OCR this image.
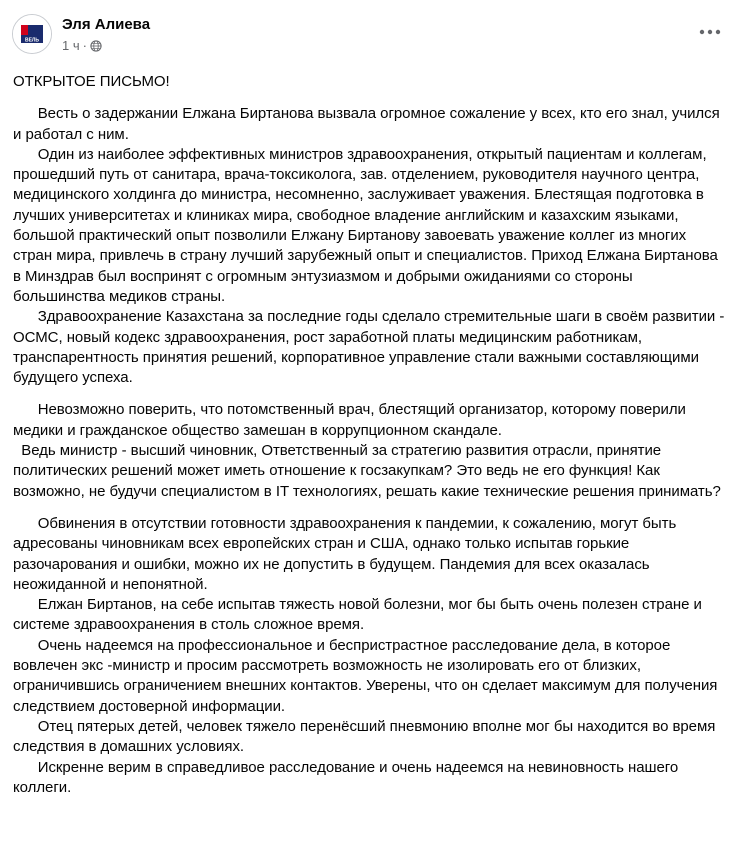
ВЕЛЬ
Эля Алиева
1 ч ·

ОТКРЫТОЕ ПИСЬМО!

Весть о задержании Елжана Биртанова вызвала огромное сожаление у всех, кто его знал, учился и работал с ним.

Один из наиболее эффективных министров здравоохранения, открытый пациентам и коллегам, прошедший путь от санитара, врача-токсиколога, зав. отделением, руководителя научного центра, медицинского холдинга до министра, несомненно, заслуживает уважения. Блестящая подготовка в лучших университетах и клиниках мира, свободное владение английским и казахским языками, большой практический опыт позволили Елжану Биртанову завоевать уважение коллег из многих стран мира, привлечь в страну лучший зарубежный опыт и специалистов. Приход Елжана Биртанова в Минздрав был воспринят с огромным энтузиазмом и добрыми ожиданиями со стороны большинства медиков страны.

Здравоохранение Казахстана за последние годы сделало стремительные шаги в своём развитии - ОСМС, новый кодекс здравоохранения, рост заработной платы медицинским работникам, транспарентность принятия решений, корпоративное управление стали важными составляющими будущего успеха.

Невозможно поверить, что потомственный врач, блестящий организатор, которому поверили медики и гражданское общество замешан в коррупционном скандале.

Ведь министр - высший чиновник, Ответственный за стратегию развития отрасли, принятие политических решений может иметь отношение к госзакупкам? Это ведь не его функция! Как возможно, не будучи специалистом в IT технологиях, решать какие технические решения принимать?

Обвинения в отсутствии готовности здравоохранения к пандемии, к сожалению, могут быть адресованы чиновникам всех европейских стран и США, однако только испытав горькие разочарования и ошибки, можно их не допустить в будущем. Пандемия для всех оказалась неожиданной и непонятной.

Елжан Биртанов, на себе испытав тяжесть новой болезни, мог бы быть очень полезен стране и системе здравоохранения в столь сложное время.

Очень надеемся на профессиональное и беспристрастное расследование дела, в которое вовлечен экс -министр и просим рассмотреть возможность не изолировать его от близких, ограничившись ограничением внешних контактов. Уверены, что он сделает максимум для получения следствием достоверной информации.

Отец пятерых детей, человек тяжело перенёсший пневмонию вполне мог бы находится во время следствия в домашних условиях.

Искренне верим в справедливое расследование и очень надеемся на невиновность нашего коллеги.
